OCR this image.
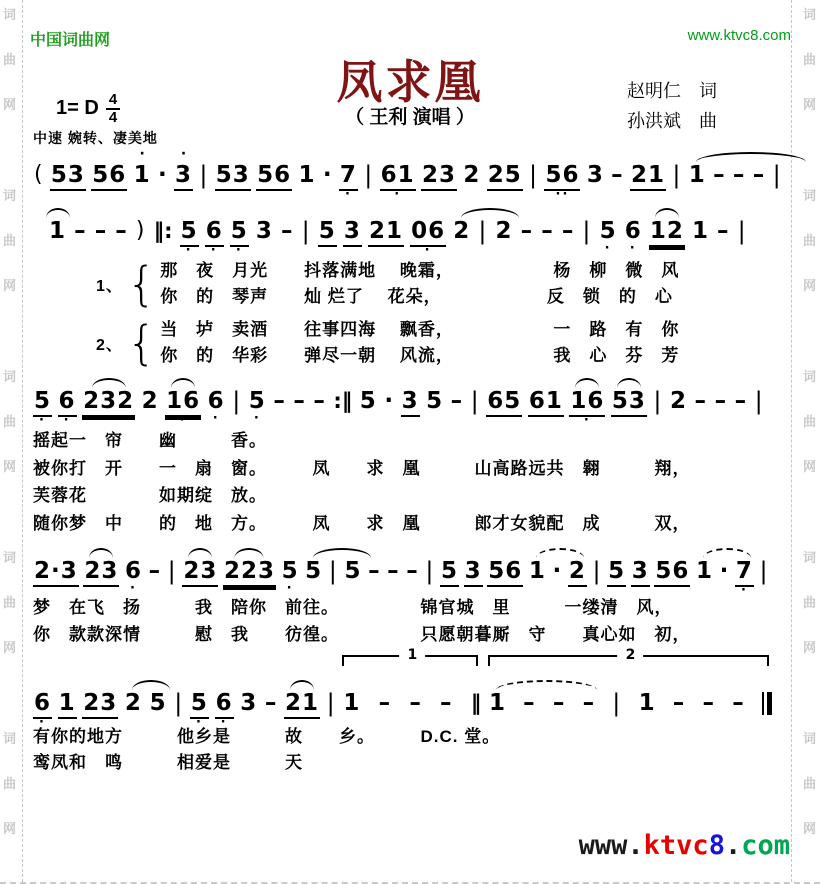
词
曲
网
词
曲
网
词
曲
网
词
曲
网
词
曲
网
词
曲
网
词
曲
网
词
曲
网
词
曲
网
词
曲
网
中国词曲网	www.ktvc8.com
凤求凰
（ 王利 演唱 ）
赵明仁　词
孙洪斌　曲
1= D $\frac{4}{4}$
中速 婉转、凄美地
( 53 56
·
1 ·
·
3 | 53 56 1 · 7
·
| 61
·
23 2 25 | 56
··
3 – 21 | 1 – – – |
1 – – – ) ‖: 5
·
6
·
5
·
3 – | 5 3 21 06
·
2 | 2 – – – | 5
·
6
·
12 1 – |
1、 { 那　夜　月光　　抖落满地　 晚霜，　　　　　　杨　柳　微　风
你　的　琴声　　灿 烂了　 花朵，　　　　　　 反　锁　的　心
2、 { 当　垆　卖酒　　往事四海　 飘香，　　　　　　一　路　有　你
你　的　华彩　　弹尽一朝　 风流，　　　　　　我　心　芬　芳
5
·
6
·
232 2 16
·
6
·
| 5
·
– – – :‖ 5 · 3 5 – | 65 61 16
·
53 | 2 – – – |
摇起一　帘　　幽　　　香。
被你打　开　　一　扇　窗。　　　凤　　求　凰　　　山高路远共　翱　　　翔，
芙蓉花　　　　如期绽　放。
随你梦　中　　的　地　方。　　　凤　　求　凰　　　郎才女貌配　成　　　双，
2·3 23 6
·
– | 23 223 5
·
5 | 5 – – – | 5 3 56 1 · 2 | 5 3 56 1 · 7
·
|
梦　在飞　扬　　　我　陪你　前往。　　　　　锦官城　里　　　一缕清　风，
你　款款深情　　　慰　我　　彷徨。　　　　　只愿朝暮厮　守　　真心如　初，
6
·
1 23 2 5 | 5
·
6
·
3 – 21 |
1
1 – – – ‖
2
1 – – – | 1 – – –
有你的地方　　　他乡是　　　故　　乡。　　　D.C. 堂。
鸾凤和　鸣　　　相爱是　　　天
www.ktvc8.com
